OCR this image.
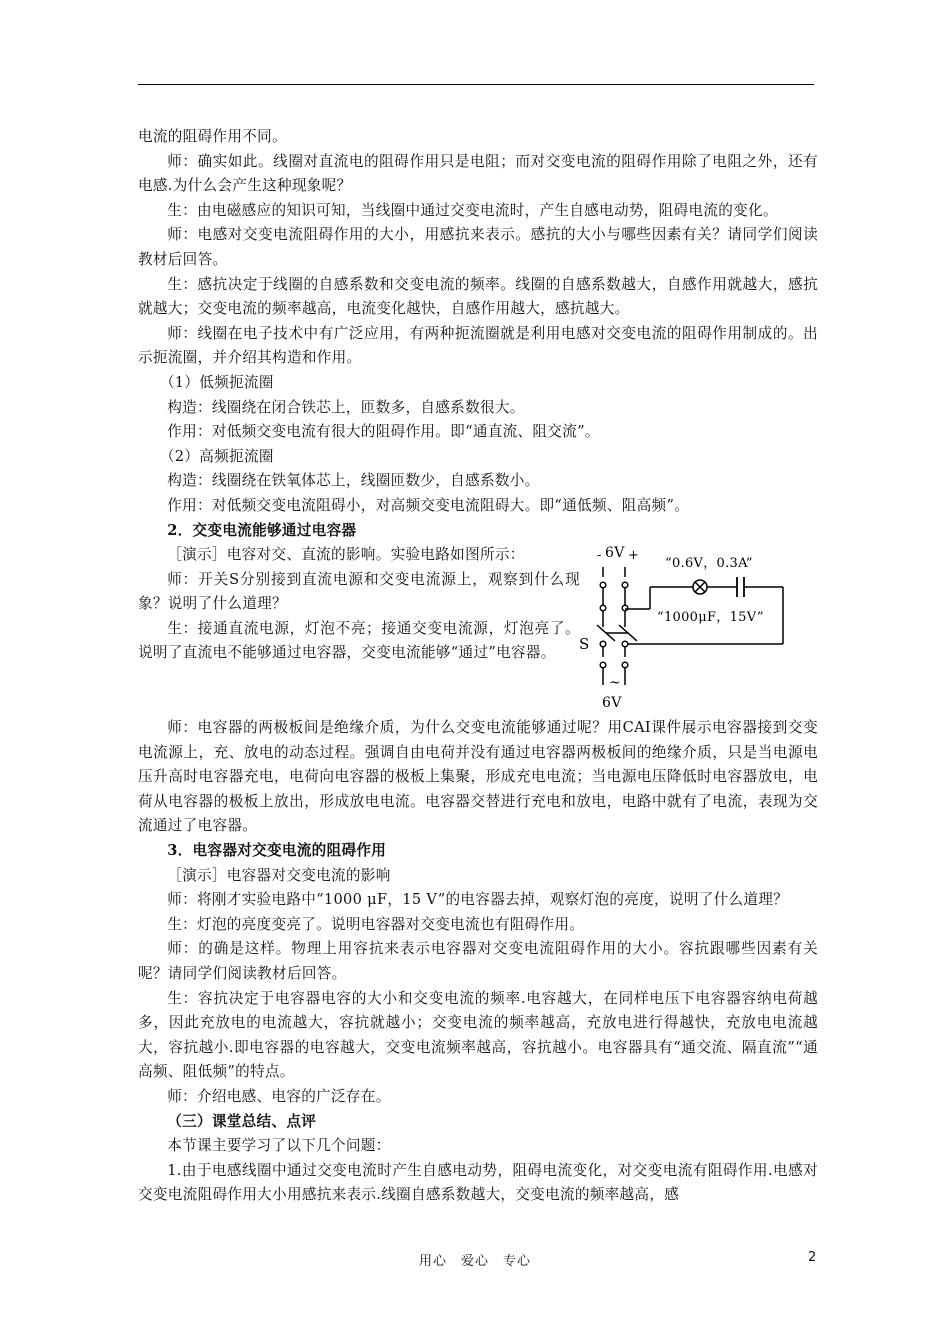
电流的阻碍作用不同。

师：确实如此。线圈对直流电的阻碍作用只是电阻；而对交变电流的阻碍作用除了电阻之外，还有电感.为什么会产生这种现象呢？

生：由电磁感应的知识可知，当线圈中通过交变电流时，产生自感电动势，阻碍电流的变化。

师：电感对交变电流阻碍作用的大小，用感抗来表示。感抗的大小与哪些因素有关？请同学们阅读教材后回答。

生：感抗决定于线圈的自感系数和交变电流的频率。线圈的自感系数越大，自感作用就越大，感抗就越大；交变电流的频率越高，电流变化越快，自感作用越大，感抗越大。

师：线圈在电子技术中有广泛应用，有两种扼流圈就是利用电感对交变电流的阻碍作用制成的。出示扼流圈，并介绍其构造和作用。

（1）低频扼流圈

构造：线圈绕在闭合铁芯上，匝数多，自感系数很大。

作用：对低频交变电流有很大的阻碍作用。即“通直流、阻交流”。

（2）高频扼流圈

构造：线圈绕在铁氧体芯上，线圈匝数少，自感系数小。

作用：对低频交变电流阻碍小，对高频交变电流阻碍大。即“通低频、阻高频”。

2．交变电流能够通过电容器

［演示］电容对交、直流的影响。实验电路如图所示：

师：开关S分别接到直流电源和交变电流源上，观察到什么现象？说明了什么道理？

生：接通直流电源，灯泡不亮；接通交变电流源，灯泡亮了。说明了直流电不能够通过电容器，交变电流能够“通过”电容器。

- 6V +
S
“0.6V，0.3A”
“1000μF，15V”
~
6V

师：电容器的两极板间是绝缘介质，为什么交变电流能够通过呢？用CAI课件展示电容器接到交变电流源上，充、放电的动态过程。强调自由电荷并没有通过电容器两极板间的绝缘介质，只是当电源电压升高时电容器充电，电荷向电容器的极板上集聚，形成充电电流；当电源电压降低时电容器放电，电荷从电容器的极板上放出，形成放电电流。电容器交替进行充电和放电，电路中就有了电流，表现为交流通过了电容器。

3．电容器对交变电流的阻碍作用

［演示］电容器对交变电流的影响

师：将刚才实验电路中“1000 μF，15 V”的电容器去掉，观察灯泡的亮度，说明了什么道理？

生：灯泡的亮度变亮了。说明电容器对交变电流也有阻碍作用。

师：的确是这样。物理上用容抗来表示电容器对交变电流阻碍作用的大小。容抗跟哪些因素有关呢？请同学们阅读教材后回答。

生：容抗决定于电容器电容的大小和交变电流的频率.电容越大，在同样电压下电容器容纳电荷越多，因此充放电的电流越大，容抗就越小；交变电流的频率越高，充放电进行得越快，充放电电流越大，容抗越小.即电容器的电容越大，交变电流频率越高，容抗越小。电容器具有“通交流、隔直流”“通高频、阻低频”的特点。

师：介绍电感、电容的广泛存在。

（三）课堂总结、点评

本节课主要学习了以下几个问题：

1.由于电感线圈中通过交变电流时产生自感电动势，阻碍电流变化，对交变电流有阻碍作用.电感对交变电流阻碍作用大小用感抗来表示.线圈自感系数越大，交变电流的频率越高，感

用心　爱心　专心	2
